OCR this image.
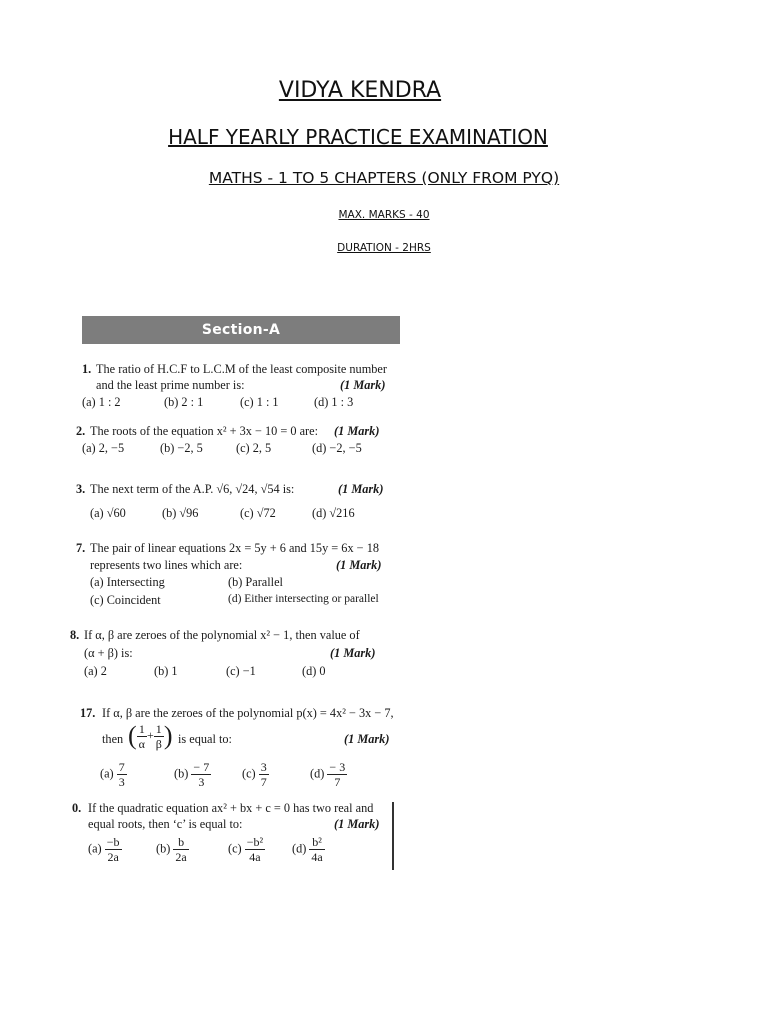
VIDYA KENDRA
HALF YEARLY PRACTICE EXAMINATION
MATHS - 1 TO 5 CHAPTERS (ONLY FROM PYQ)
MAX. MARKS - 40
DURATION - 2HRS
Section-A
1. The ratio of H.C.F to L.C.M of the least composite number
and the least prime number is:	(1 Mark)
(a) 1 : 2	(b) 2 : 1	(c) 1 : 1	(d) 1 : 3
2. The roots of the equation x² + 3x − 10 = 0 are: (1 Mark)
(a) 2, −5	(b) −2, 5	(c) 2, 5	(d) −2, −5
3. The next term of the A.P. √6, √24, √54 is:	(1 Mark)
(a) √60	(b) √96	(c) √72	(d) √216
7. The pair of linear equations 2x = 5y + 6 and 15y = 6x − 18
represents two lines which are:	(1 Mark)
(a) Intersecting	(b) Parallel
(c) Coincident	(d) Either intersecting or parallel
8. If α, β are zeroes of the polynomial x² − 1, then value of
(α + β) is:	(1 Mark)
(a) 2	(b) 1	(c) −1	(d) 0
17. If α, β are the zeroes of the polynomial p(x) = 4x² − 3x − 7,
then ( $\frac{1}{\alpha} + \frac{1}{\beta}$ ) is equal to:	(1 Mark)
$(a) \frac{7}{3}$	$(b) \frac{- 7}{3}$	$(c) \frac{3}{7}$	$(d) \frac{- 3}{7}$
0. If the quadratic equation ax² + bx + c = 0 has two real and
equal roots, then ‘c’ is equal to:	(1 Mark)
$(a) \frac{-b}{2a}$	$(b) \frac{b}{2a}$	$(c) \frac{\text{−b²}}{4a} (d) \frac{\text{b²}}{4a}$
